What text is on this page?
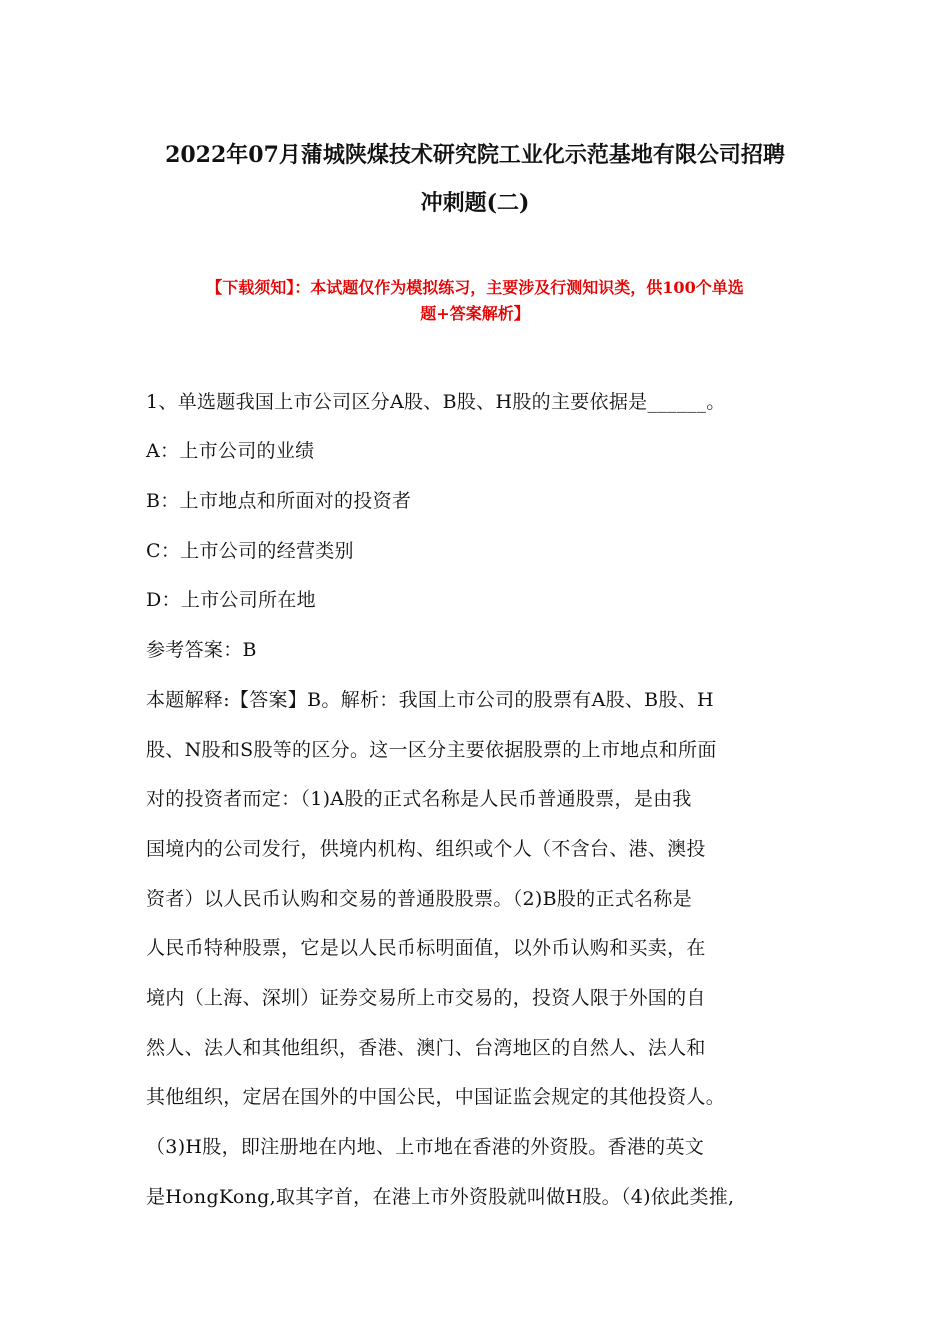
2022年07月蒲城陕煤技术研究院工业化示范基地有限公司招聘
冲刺题(二)
【下载须知】：本试题仅作为模拟练习，主要涉及行测知识类，供100个单选
题+答案解析】
1、单选题我国上市公司区分A股、B股、H股的主要依据是______。
A：上市公司的业绩
B：上市地点和所面对的投资者
C：上市公司的经营类别
D：上市公司所在地
参考答案：B
本题解释:【答案】B。解析：我国上市公司的股票有A股、B股、H
股、N股和S股等的区分。这一区分主要依据股票的上市地点和所面
对的投资者而定：（1)A股的正式名称是人民币普通股票，是由我
国境内的公司发行，供境内机构、组织或个人（不含台、港、澳投
资者）以人民币认购和交易的普通股股票。（2)B股的正式名称是
人民币特种股票，它是以人民币标明面值，以外币认购和买卖，在
境内（上海、深圳）证券交易所上市交易的，投资人限于外国的自
然人、法人和其他组织，香港、澳门、台湾地区的自然人、法人和
其他组织，定居在国外的中国公民，中国证监会规定的其他投资人。
（3)H股，即注册地在内地、上市地在香港的外资股。香港的英文
是HongKong,取其字首，在港上市外资股就叫做H股。（4)依此类推,
